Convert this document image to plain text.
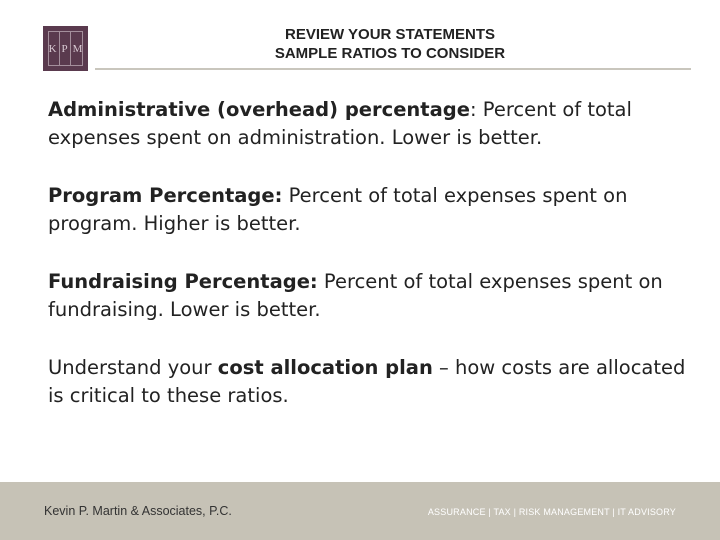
K P M
REVIEW YOUR STATEMENTS
SAMPLE RATIOS TO CONSIDER

Administrative (overhead) percentage: Percent of total expenses spent on administration. Lower is better.

Program Percentage: Percent of total expenses spent on program. Higher is better.

Fundraising Percentage: Percent of total expenses spent on fundraising. Lower is better.

Understand your cost allocation plan – how costs are allocated is critical to these ratios.

Kevin P. Martin & Associates, P.C.	ASSURANCE | TAX | RISK MANAGEMENT | IT ADVISORY
